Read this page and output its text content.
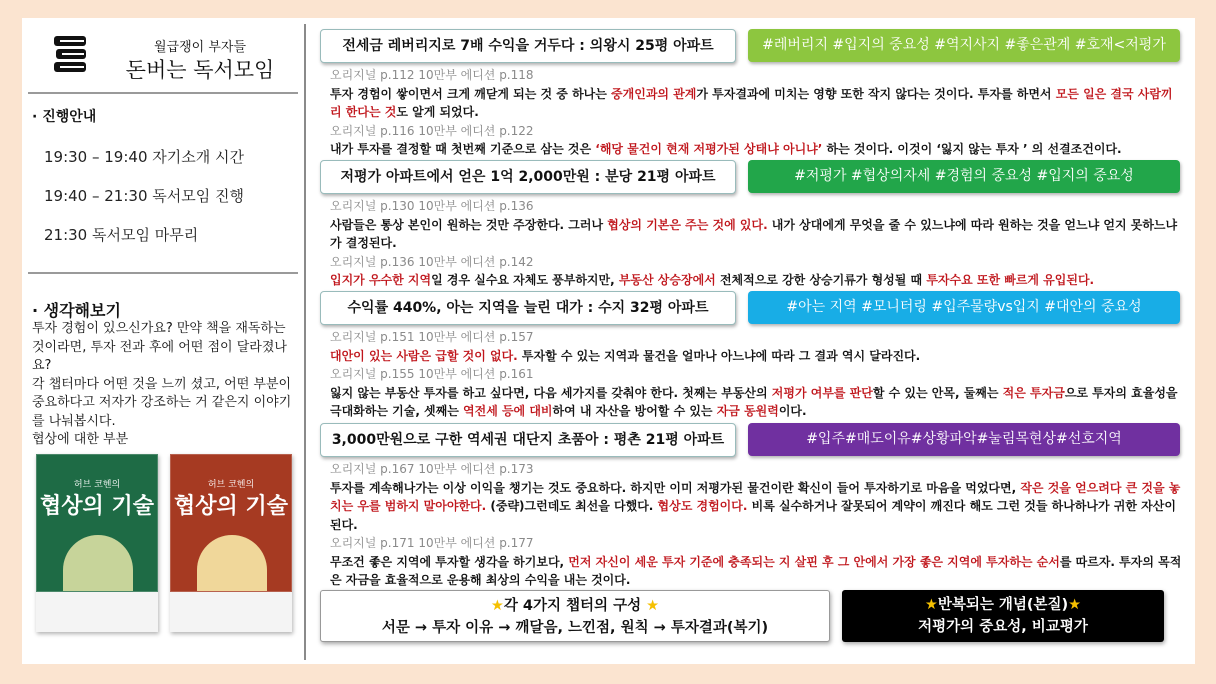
월급쟁이 부자들
돈버는 독서모임
· 진행안내
19:30 – 19:40 자기소개 시간
19:40 – 21:30 독서모임 진행
21:30 독서모임 마무리
· 생각해보기
투자 경험이 있으신가요? 만약 책을 재독하는 것이라면, 투자 전과 후에 어떤 점이 달라졌나요?
각 챕터마다 어떤 것을 느끼 셨고, 어떤 부분이 중요하다고 저자가 강조하는 거 같은지 이야기를 나눠봅시다.
협상에 대한 부분
허브 코헨의
협상의 기술
허브 코헨의
협상의 기술
전세금 레버리지로 7배 수익을 거두다 : 의왕시 25평 아파트	#레버리지 #입지의 중요성 #역지사지 #좋은관계 #호재<저평가
오리지널 p.112 10만부 에디션 p.118
투자 경험이 쌓이면서 크게 깨닫게 되는 것 중 하나는 중개인과의 관계가 투자결과에 미치는 영향 또한 작지 않다는 것이다. 투자를 하면서 모든 일은 결국 사람끼리 한다는 것도 알게 되었다.
오리지널 p.116 10만부 에디션 p.122
내가 투자를 결정할 때 첫번째 기준으로 삼는 것은 ‘해당 물건이 현재 저평가된 상태냐 아니냐’ 하는 것이다. 이것이 ‘잃지 않는 투자 ’ 의 선결조건이다.
저평가 아파트에서 얻은 1억 2,000만원 : 분당 21평 아파트	#저평가 #협상의자세 #경험의 중요성 #입지의 중요성
오리지널 p.130 10만부 에디션 p.136
사람들은 통상 본인이 원하는 것만 주장한다. 그러나 협상의 기본은 주는 것에 있다. 내가 상대에게 무엇을 줄 수 있느냐에 따라 원하는 것을 얻느냐 얻지 못하느냐가 결정된다.
오리지널 p.136 10만부 에디션 p.142
입지가 우수한 지역일 경우 실수요 자체도 풍부하지만, 부동산 상승장에서 전체적으로 강한 상승기류가 형성될 때 투자수요 또한 빠르게 유입된다.
수익률 440%, 아는 지역을 늘린 대가 : 수지 32평 아파트	#아는 지역 #모니터링 #입주물량vs입지 #대안의 중요성
오리지널 p.151 10만부 에디션 p.157
대안이 있는 사람은 급할 것이 없다. 투자할 수 있는 지역과 물건을 얼마나 아느냐에 따라 그 결과 역시 달라진다.
오리지널 p.155 10만부 에디션 p.161
잃지 않는 부동산 투자를 하고 싶다면, 다음 세가지를 갖춰야 한다. 첫째는 부동산의 저평가 여부를 판단할 수 있는 안목, 둘째는 적은 투자금으로 투자의 효율성을 극대화하는 기술, 셋째는 역전세 등에 대비하여 내 자산을 방어할 수 있는 자금 동원력이다.
3,000만원으로 구한 역세권 대단지 초품아 : 평촌 21평 아파트	#입주#매도이유#상황파악#눌림목현상#선호지역
오리지널 p.167 10만부 에디션 p.173
투자를 계속해나가는 이상 이익을 챙기는 것도 중요하다. 하지만 이미 저평가된 물건이란 확신이 들어 투자하기로 마음을 먹었다면, 작은 것을 얻으려다 큰 것을 놓치는 우를 범하지 말아야한다. (중략)그런데도 최선을 다했다. 협상도 경험이다. 비록 실수하거나 잘못되어 계약이 깨진다 해도 그런 것들 하나하나가 귀한 자산이 된다.
오리지널 p.171 10만부 에디션 p.177
무조건 좋은 지역에 투자할 생각을 하기보다, 먼저 자신이 세운 투자 기준에 충족되는 지 살핀 후 그 안에서 가장 좋은 지역에 투자하는 순서를 따르자. 투자의 목적은 자금을 효율적으로 운용해 최상의 수익을 내는 것이다.
★각 4가지 챕터의 구성 ★
서문 → 투자 이유 → 깨달음, 느낀점, 원칙 → 투자결과(복기)
★반복되는 개념(본질)★
저평가의 중요성, 비교평가
